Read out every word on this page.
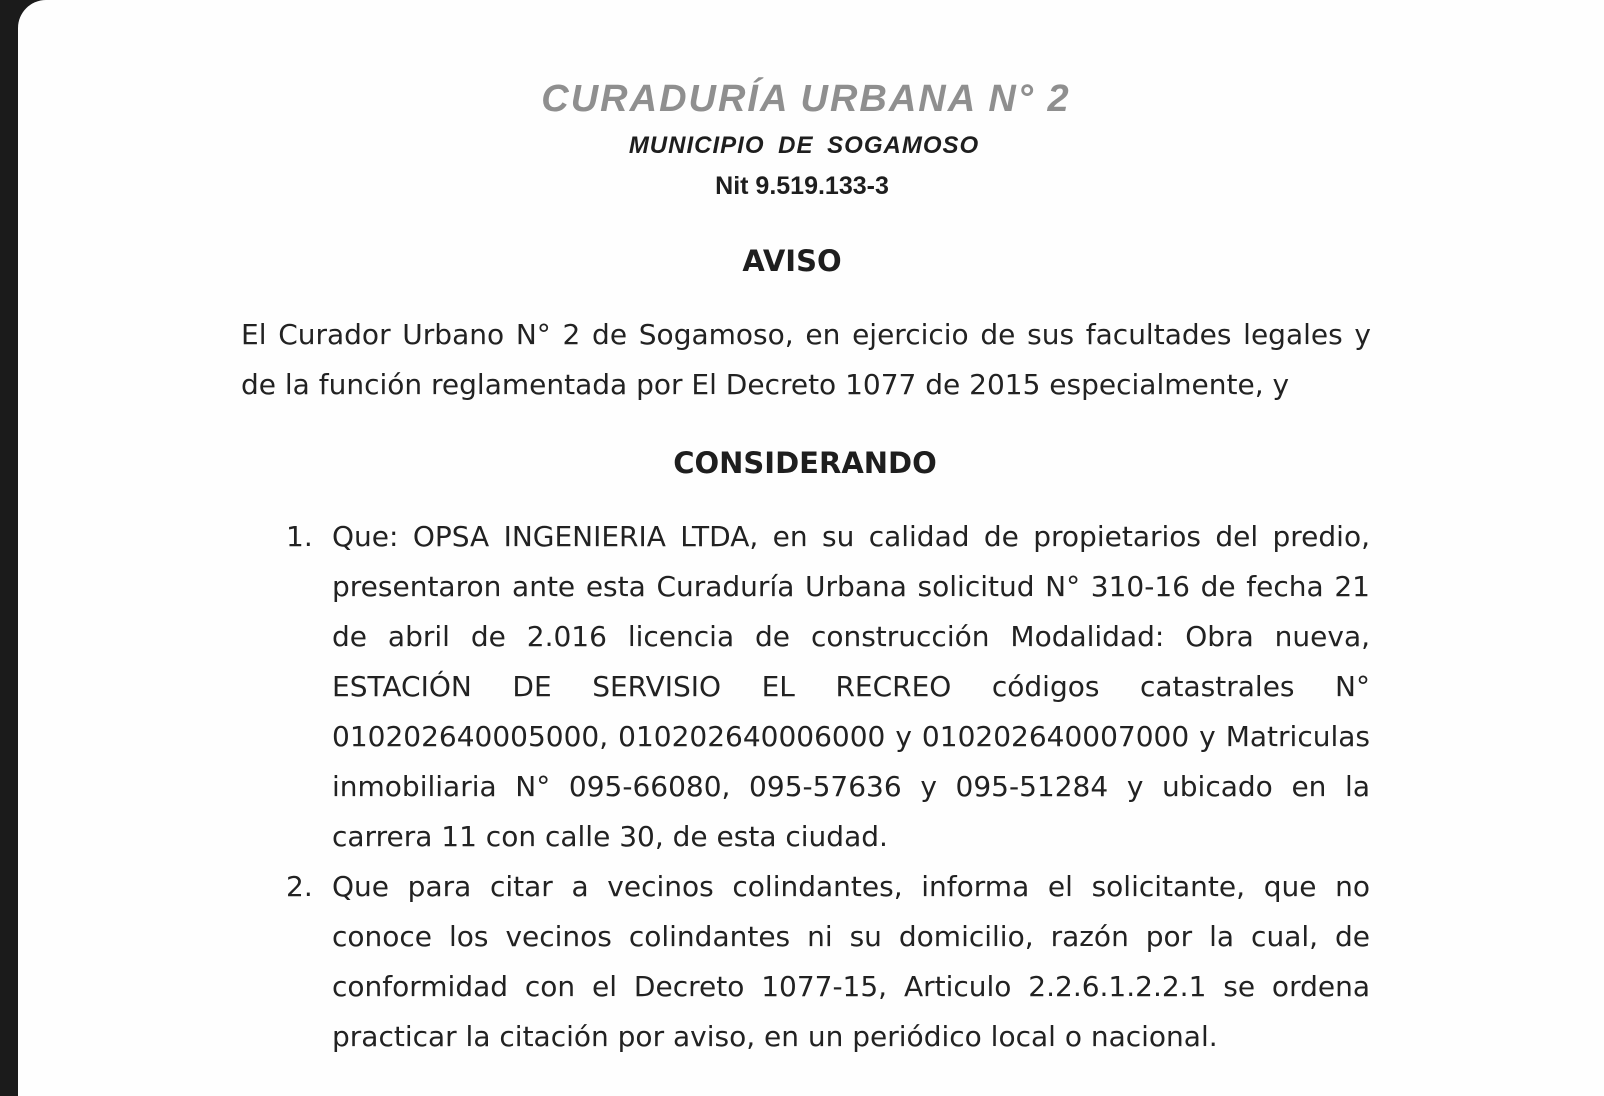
CURADURÍA URBANA N° 2
MUNICIPIO DE SOGAMOSO
Nit 9.519.133-3
AVISO
El Curador Urbano N° 2 de Sogamoso, en ejercicio de sus facultades legales y de la función reglamentada por El Decreto 1077 de 2015 especialmente, y
CONSIDERANDO
1. Que: OPSA INGENIERIA LTDA, en su calidad de propietarios del predio, presentaron ante esta Curaduría Urbana solicitud N° 310-16 de fecha 21 de abril de 2.016 licencia de construcción Modalidad: Obra nueva, ESTACIÓN DE SERVISIO EL RECREO códigos catastrales N° 010202640005000, 010202640006000 y 010202640007000 y Matriculas inmobiliaria N° 095-66080, 095-57636 y 095-51284 y ubicado en la carrera 11 con calle 30, de esta ciudad.
2. Que para citar a vecinos colindantes, informa el solicitante, que no conoce los vecinos colindantes ni su domicilio, razón por la cual, de conformidad con el Decreto 1077-15, Articulo 2.2.6.1.2.2.1 se ordena practicar la citación por aviso, en un periódico local o nacional.
